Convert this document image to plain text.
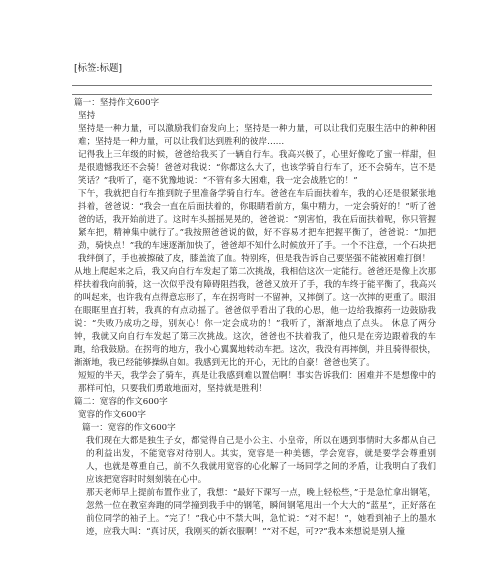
[标签:标题]

篇一：坚持作文600字

坚持

坚持是一种力量，可以激励我们奋发向上；坚持是一种力量，可以让我们克服生活中的种种困难；坚持是一种力量，可以让我们达到胜利的彼岸……

记得我上三年级的时候，爸爸给我买了一辆自行车。我高兴极了，心里好像吃了蜜一样甜，但是很遗憾我还不会骑！爸爸对我说：“你都这么大了，也该学骑自行车了，还不会骑车，岂不是笑话？”我听了，毫不犹豫地说：“不管有多大困难，我一定会战胜它的！”

下午，我就把自行车推到院子里准备学骑自行车。爸爸在车后面扶着车，我的心还是很紧张地抖着，爸爸说：“我会一直在后面扶着的，你眼睛看前方，集中精力，一定会骑好的！”听了爸爸的话，我开始前进了。这时车头摇摇晃晃的，爸爸说：“别害怕，我在后面扶着呢，你只管握紧车把，精神集中就行了。”我按照爸爸说的做，好不容易才把车把握平衡了，爸爸说：“加把劲，骑快点！”我的车速逐渐加快了，爸爸却不知什么时候放开了手。一个不注意，一个石块把我绊倒了，手也被擦破了皮，膝盖流了血。特别疼，但是我告诉自己要坚强不能被困难打倒！

从地上爬起来之后，我又向自行车发起了第二次挑战，我相信这次一定能行。爸爸还是像上次那样扶着我向前骑，这一次似乎没有障碍阻挡我，爸爸又放开了手，我的车终于能平衡了，我高兴的叫起来，也许我有点得意忘形了，车在拐弯时一不留神，又摔倒了。这一次摔的更重了。眼泪在眼眶里直打转，我真的有点动摇了。爸爸似乎看出了我的心思，他一边给我擦药一边鼓励我说：“失败乃成功之母，别灰心！你一定会成功的！”我听了，渐渐地点了点头。 休息了两分钟，我就又向自行车发起了第三次挑战。这次，爸爸也不扶着我了，他只是在旁边跟着我的车跑，给我鼓励。在拐弯的地方，我小心翼翼地转动车把。这次，我没有再摔倒，并且骑得很快，渐渐地，我已经能够操纵自如。我感到无比的开心，无比的自豪！爸爸也笑了。

短短的半天，我学会了骑车，真是让我感到难以置信啊！事实告诉我们：困难并不是想像中的那样可怕，只要我们勇敢地面对，坚持就是胜利！

篇二：宽容的作文600字

宽容的作文600字

篇一：宽容的作文600字

我们现在大都是独生子女，都觉得自己是小公主、小皇帝，所以在遇到事情时大多都从自己的利益出发，不能宽容对待别人。其实，宽容是一种美德，学会宽容，就是要学会尊重别人，也就是尊重自己，前不久我就用宽容的心化解了一场同学之间的矛盾，让我明白了我们应该把宽容时时刻刻装在心中。

那天老师早上提前布置作业了，我想：“最好下课写一点，晚上轻松些，”于是急忙拿出钢笔，忽然一位在教室奔跑的同学撞到我手中的钢笔，瞬间钢笔甩出一个大大的“蓝星”，正好落在前位同学的袖子上。“完了！”我心中不禁大叫，急忙说：“对不起！”，她看到袖子上的墨水迹，应我大叫：“真讨厌，我刚买的新衣服啊！”“对不起，可??”我本来想说是别人撞
